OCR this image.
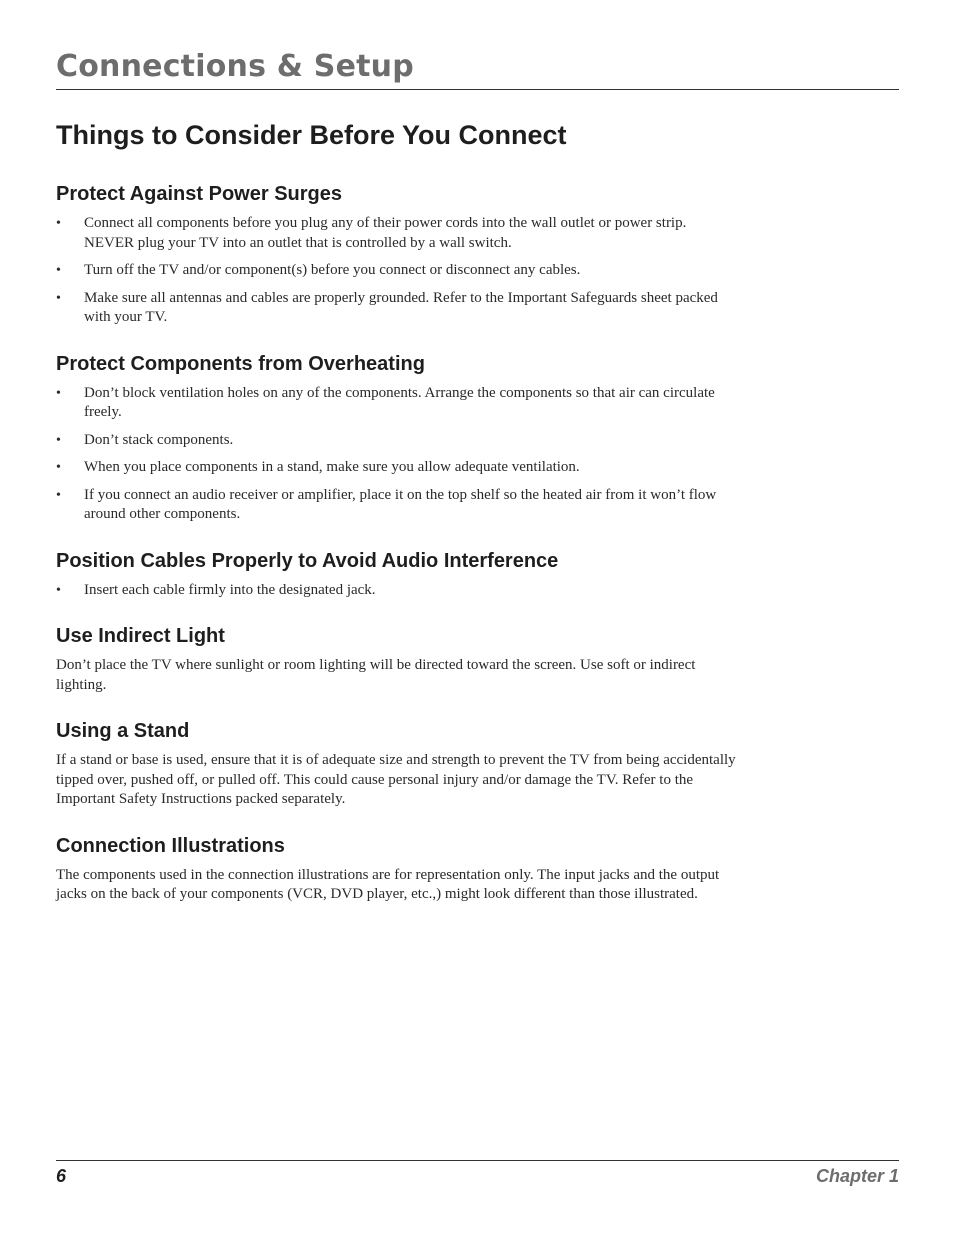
Connections & Setup
Things to Consider Before You Connect
Protect Against Power Surges
• Connect all components before you plug any of their power cords into the wall outlet or power strip. NEVER plug your TV into an outlet that is controlled by a wall switch.
• Turn off the TV and/or component(s) before you connect or disconnect any cables.
• Make sure all antennas and cables are properly grounded. Refer to the Important Safeguards sheet packed with your TV.
Protect Components from Overheating
• Don’t block ventilation holes on any of the components. Arrange the components so that air can circulate freely.
• Don’t stack components.
• When you place components in a stand, make sure you allow adequate ventilation.
• If you connect an audio receiver or amplifier, place it on the top shelf so the heated air from it won’t flow around other components.
Position Cables Properly to Avoid Audio Interference
• Insert each cable firmly into the designated jack.
Use Indirect Light

Don’t place the TV where sunlight or room lighting will be directed toward the screen. Use soft or indirect lighting.

Using a Stand

If a stand or base is used, ensure that it is of adequate size and strength to prevent the TV from being accidentally tipped over, pushed off, or pulled off. This could cause personal injury and/or damage the TV. Refer to the Important Safety Instructions packed separately.

Connection Illustrations

The components used in the connection illustrations are for representation only. The input jacks and the output jacks on the back of your components (VCR, DVD player, etc.,) might look different than those illustrated.

6	Chapter 1
